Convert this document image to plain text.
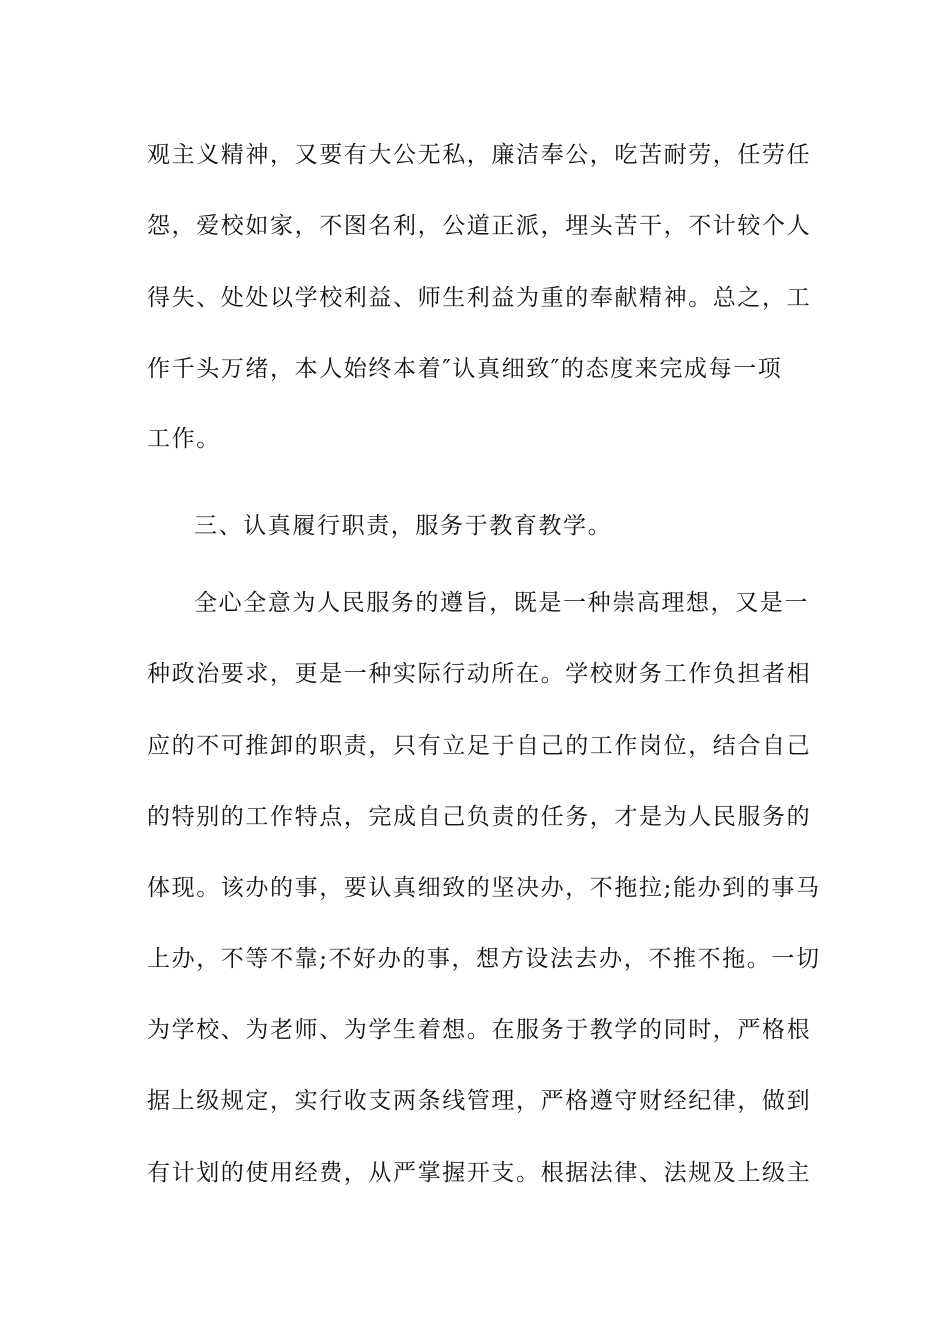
观主义精神，又要有大公无私，廉洁奉公，吃苦耐劳，任劳任
怨，爱校如家，不图名利，公道正派，埋头苦干，不计较个人
得失、处处以学校利益、师生利益为重的奉献精神。总之，工
作千头万绪，本人始终本着″认真细致″的态度来完成每一项
工作。
三、认真履行职责，服务于教育教学。
全心全意为人民服务的遵旨，既是一种崇高理想，又是一
种政治要求，更是一种实际行动所在。学校财务工作负担者相
应的不可推卸的职责，只有立足于自己的工作岗位，结合自己
的特别的工作特点，完成自己负责的任务，才是为人民服务的
体现。该办的事，要认真细致的坚决办，不拖拉;能办到的事马
上办，不等不靠;不好办的事，想方设法去办，不推不拖。一切
为学校、为老师、为学生着想。在服务于教学的同时，严格根
据上级规定，实行收支两条线管理，严格遵守财经纪律，做到
有计划的使用经费，从严掌握开支。根据法律、法规及上级主
